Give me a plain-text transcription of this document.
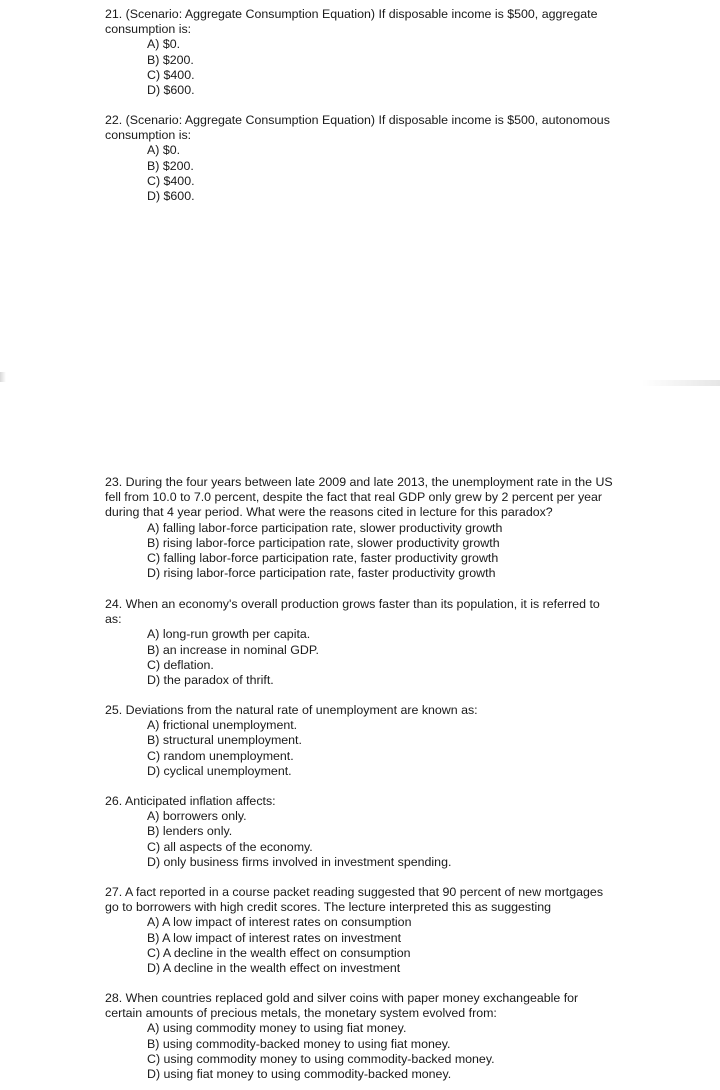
21. (Scenario: Aggregate Consumption Equation) If disposable income is $500, aggregate consumption is:

A) $0.
B) $200.
C) $400.
D) $600.

22. (Scenario: Aggregate Consumption Equation) If disposable income is $500, autonomous consumption is:

A) $0.
B) $200.
C) $400.
D) $600.

23. During the four years between late 2009 and late 2013, the unemployment rate in the US fell from 10.0 to 7.0 percent, despite the fact that real GDP only grew by 2 percent per year during that 4 year period. What were the reasons cited in lecture for this paradox?

A) falling labor-force participation rate, slower productivity growth
B) rising labor-force participation rate, slower productivity growth
C) falling labor-force participation rate, faster productivity growth
D) rising labor-force participation rate, faster productivity growth

24. When an economy's overall production grows faster than its population, it is referred to as:

A) long-run growth per capita.
B) an increase in nominal GDP.
C) deflation.
D) the paradox of thrift.

25. Deviations from the natural rate of unemployment are known as:

A) frictional unemployment.
B) structural unemployment.
C) random unemployment.
D) cyclical unemployment.

26. Anticipated inflation affects:

A) borrowers only.
B) lenders only.
C) all aspects of the economy.
D) only business firms involved in investment spending.

27. A fact reported in a course packet reading suggested that 90 percent of new mortgages go to borrowers with high credit scores. The lecture interpreted this as suggesting

A) A low impact of interest rates on consumption
B) A low impact of interest rates on investment
C) A decline in the wealth effect on consumption
D) A decline in the wealth effect on investment

28. When countries replaced gold and silver coins with paper money exchangeable for certain amounts of precious metals, the monetary system evolved from:

A) using commodity money to using fiat money.
B) using commodity-backed money to using fiat money.
C) using commodity money to using commodity-backed money.
D) using fiat money to using commodity-backed money.
